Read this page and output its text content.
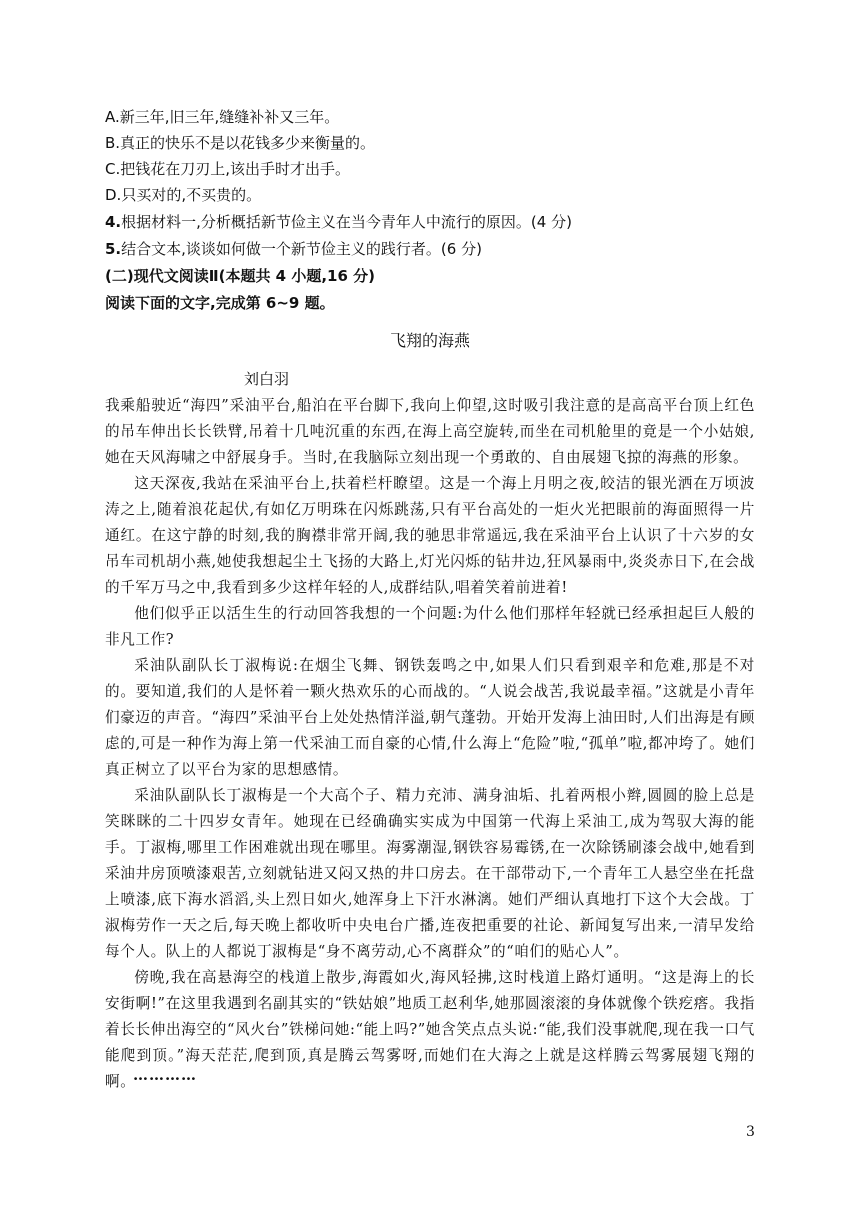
A.新三年,旧三年,缝缝补补又三年。
B.真正的快乐不是以花钱多少来衡量的。
C.把钱花在刀刃上,该出手时才出手。
D.只买对的,不买贵的。
4.根据材料一,分析概括新节俭主义在当今青年人中流行的原因。(4 分)
5.结合文本,谈谈如何做一个新节俭主义的践行者。(6 分)
(二)现代文阅读Ⅱ(本题共 4 小题,16 分)
阅读下面的文字,完成第 6~9 题。
飞翔的海燕
刘白羽

我乘船驶近“海四”采油平台,船泊在平台脚下,我向上仰望,这时吸引我注意的是高高平台顶上红色的吊车伸出长长铁臂,吊着十几吨沉重的东西,在海上高空旋转,而坐在司机舱里的竟是一个小姑娘,她在天风海啸之中舒展身手。当时,在我脑际立刻出现一个勇敢的、自由展翅飞掠的海燕的形象。

这天深夜,我站在采油平台上,扶着栏杆瞭望。这是一个海上月明之夜,皎洁的银光洒在万顷波涛之上,随着浪花起伏,有如亿万明珠在闪烁跳荡,只有平台高处的一炬火光把眼前的海面照得一片通红。在这宁静的时刻,我的胸襟非常开阔,我的驰思非常遥远,我在采油平台上认识了十六岁的女吊车司机胡小燕,她使我想起尘土飞扬的大路上,灯光闪烁的钻井边,狂风暴雨中,炎炎赤日下,在会战的千军万马之中,我看到多少这样年轻的人,成群结队,唱着笑着前进着!

他们似乎正以活生生的行动回答我想的一个问题:为什么他们那样年轻就已经承担起巨人般的非凡工作?

采油队副队长丁淑梅说:在烟尘飞舞、钢铁轰鸣之中,如果人们只看到艰辛和危难,那是不对的。要知道,我们的人是怀着一颗火热欢乐的心而战的。“人说会战苦,我说最幸福。”这就是小青年们豪迈的声音。“海四”采油平台上处处热情洋溢,朝气蓬勃。开始开发海上油田时,人们出海是有顾虑的,可是一种作为海上第一代采油工而自豪的心情,什么海上“危险”啦,“孤单”啦,都冲垮了。她们真正树立了以平台为家的思想感情。

采油队副队长丁淑梅是一个大高个子、精力充沛、满身油垢、扎着两根小辫,圆圆的脸上总是笑眯眯的二十四岁女青年。她现在已经确确实实成为中国第一代海上采油工,成为驾驭大海的能手。丁淑梅,哪里工作困难就出现在哪里。海雾潮湿,钢铁容易霉锈,在一次除锈刷漆会战中,她看到采油井房顶喷漆艰苦,立刻就钻进又闷又热的井口房去。在干部带动下,一个青年工人悬空坐在托盘上喷漆,底下海水滔滔,头上烈日如火,她浑身上下汗水淋漓。她们严细认真地打下这个大会战。丁淑梅劳作一天之后,每天晚上都收听中央电台广播,连夜把重要的社论、新闻复写出来,一清早发给每个人。队上的人都说丁淑梅是“身不离劳动,心不离群众”的“咱们的贴心人”。

傍晚,我在高悬海空的栈道上散步,海霞如火,海风轻拂,这时栈道上路灯通明。“这是海上的长安街啊!”在这里我遇到名副其实的“铁姑娘”地质工赵利华,她那圆滚滚的身体就像个铁疙瘩。我指着长长伸出海空的“风火台”铁梯问她:“能上吗?”她含笑点点头说:“能,我们没事就爬,现在我一口气能爬到顶。”海天茫茫,爬到顶,真是腾云驾雾呀,而她们在大海之上就是这样腾云驾雾展翅飞翔的啊。

…………
3
